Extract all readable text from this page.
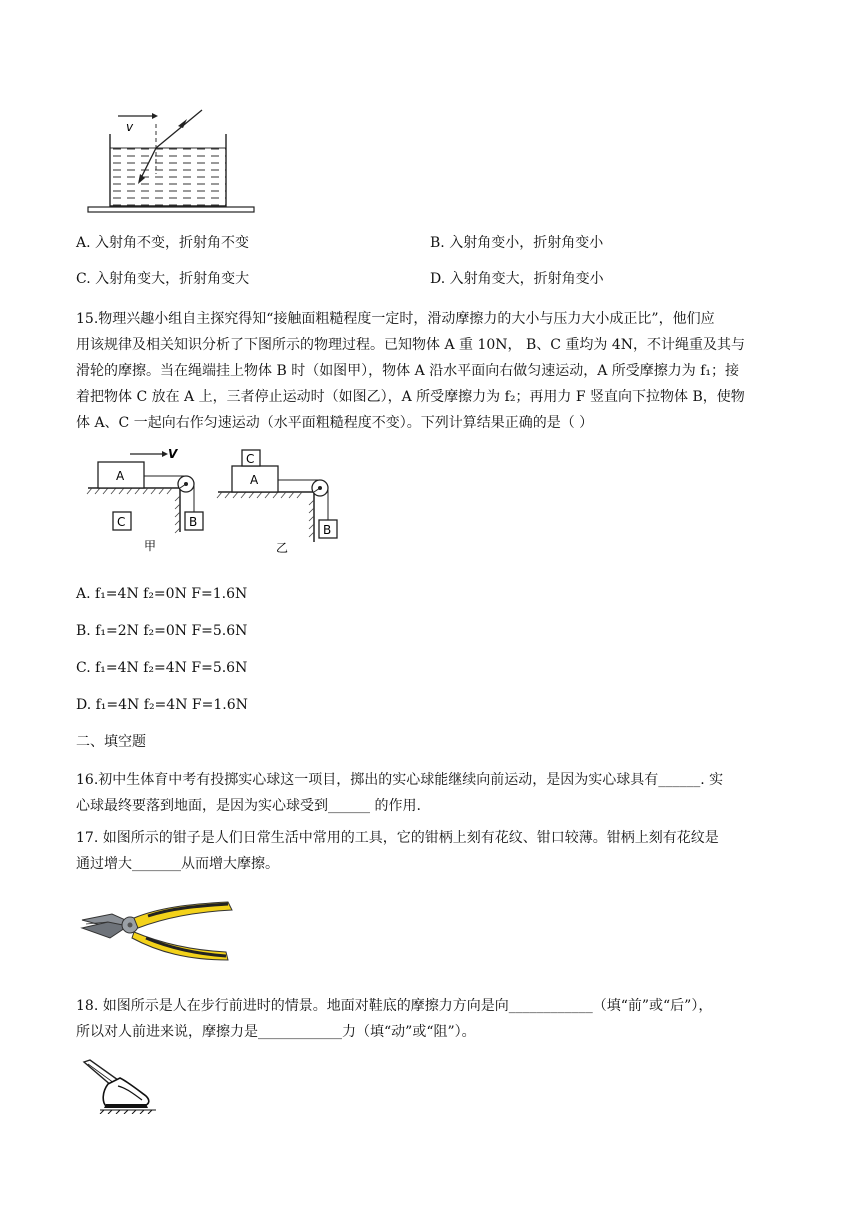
v
A. 入射角不变，折射角不变	B. 入射角变小，折射角变小
C. 入射角变大，折射角变大	D. 入射角变大，折射角变小
15.物理兴趣小组自主探究得知“接触面粗糙程度一定时，滑动摩擦力的大小与压力大小成正比”，他们应
用该规律及相关知识分析了下图所示的物理过程。已知物体 A 重 10N， B、C 重均为 4N，不计绳重及其与
滑轮的摩擦。当在绳端挂上物体 B 时（如图甲），物体 A 沿水平面向右做匀速运动，A 所受摩擦力为 f₁；接
着把物体 C 放在 A 上，三者停止运动时（如图乙），A 所受摩擦力为 f₂；再用力 F 竖直向下拉物体 B，使物
体 A、C 一起向右作匀速运动（水平面粗糙程度不变）。下列计算结果正确的是（ ）
A
V
B
C
甲
A
C
B
乙
A. f₁=4N f₂=0N F=1.6N
B. f₁=2N f₂=0N F=5.6N
C. f₁=4N f₂=4N F=5.6N
D. f₁=4N f₂=4N F=1.6N
二、填空题
16.初中生体育中考有投掷实心球这一项目，掷出的实心球能继续向前运动，是因为实心球具有______. 实
心球最终要落到地面，是因为实心球受到______ 的作用.
17. 如图所示的钳子是人们日常生活中常用的工具，它的钳柄上刻有花纹、钳口较薄。钳柄上刻有花纹是
通过增大_______从而增大摩擦。
18. 如图所示是人在步行前进时的情景。地面对鞋底的摩擦力方向是向____________（填“前”或“后”），
所以对人前进来说，摩擦力是____________力（填“动”或“阻”）。
